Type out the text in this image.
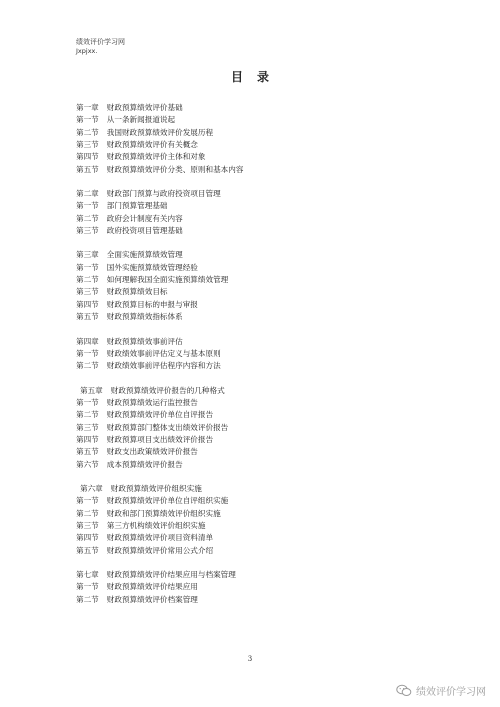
绩效评价学习网
Jxpjxx.
目录
第一章 财政预算绩效评价基础
第一节 从一条新闻报道说起
第二节 我国财政预算绩效评价发展历程
第三节 财政预算绩效评价有关概念
第四节 财政预算绩效评价主体和对象
第五节 财政预算绩效评价分类、原则和基本内容
第二章 财政部门预算与政府投资项目管理
第一节 部门预算管理基础
第二节 政府会计制度有关内容
第三节 政府投资项目管理基础
第三章 全面实施预算绩效管理
第一节 国外实施预算绩效管理经验
第二节 如何理解我国全面实施预算绩效管理
第三节 财政预算绩效目标
第四节 财政预算目标的申报与审报
第五节 财政预算绩效指标体系
第四章 财政预算绩效事前评估
第一节 财政绩效事前评估定义与基本原则
第二节 财政绩效事前评估程序内容和方法
第五章 财政预算绩效评价报告的几种格式
第一节 财政预算绩效运行监控报告
第二节 财政预算绩效评价单位自评报告
第三节 财政预算部门整体支出绩效评价报告
第四节 财政预算项目支出绩效评价报告
第五节 财政支出政策绩效评价报告
第六节 成本预算绩效评价报告
第六章 财政预算绩效评价组织实施
第一节 财政预算绩效评价单位自评组织实施
第二节 财政和部门预算绩效评价组织实施
第三节 第三方机构绩效评价组织实施
第四节 财政预算绩效评价项目资料清单
第五节 财政预算绩效评价常用公式介绍
第七章 财政预算绩效评价结果应用与档案管理
第一节 财政预算绩效评价结果应用
第二节 财政预算绩效评价档案管理
3
绩效评价学习网
